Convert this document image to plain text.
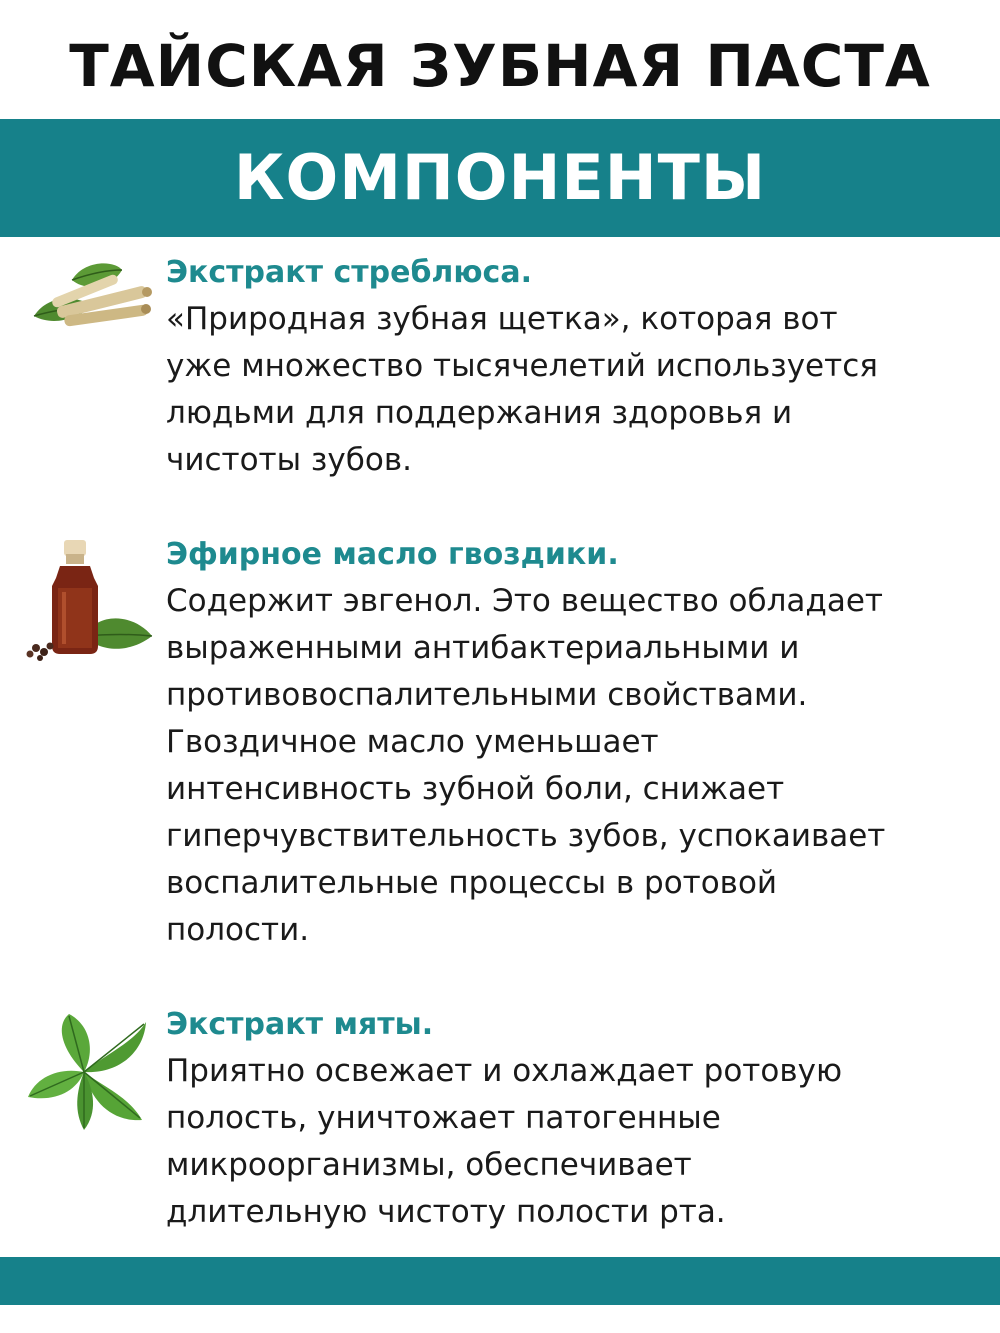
ТАЙСКАЯ ЗУБНАЯ ПАСТА
КОМПОНЕНТЫ

Экстракт стреблюса.

«Природная зубная щетка», которая вот
уже множество тысячелетий используется
людьми для поддержания здоровья и
чистоты зубов.

Эфирное масло гвоздики.

Содержит эвгенол. Это вещество обладает
выраженными антибактериальными и
противовоспалительными свойствами.
Гвоздичное масло уменьшает
интенсивность зубной боли, снижает
гиперчувствительность зубов, успокаивает
воспалительные процессы в ротовой
полости.

Экстракт мяты.

Приятно освежает и охлаждает ротовую
полость, уничтожает патогенные
микроорганизмы, обеспечивает
длительную чистоту полости рта.
